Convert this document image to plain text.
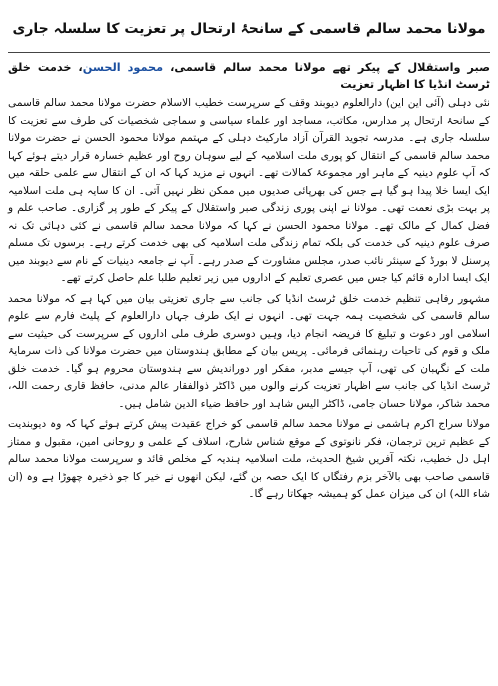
مولانا محمد سالم قاسمی کے سانحۂ ارتحال پر تعزیت کا سلسلہ جاری
صبر واستقلال کے پیکر تھے مولانا محمد سالم قاسمی، محمود الحسن، خدمت خلق ٹرسٹ انڈیا کا اظہار تعزیت

نئی دہلی (آئی این این) دارالعلوم دیوبند وقف کے سرپرست خطیب الاسلام حضرت مولانا محمد سالم قاسمی کے سانحۂ ارتحال پر مدارس، مکاتب، مساجد اور علماء سیاسی و سماجی شخصیات کی طرف سے تعزیت کا سلسلہ جاری ہے۔ مدرسہ تجوید القرآن آزاد مارکیٹ دہلی کے مہتمم مولانا محمود الحسن نے حضرت مولانا محمد سالم قاسمی کے انتقال کو پوری ملت اسلامیہ کے لیے سوہان روح اور عظیم خسارہ قرار دیتے ہوئے کہا کہ آپ علوم دینیہ کے ماہر اور مجموعۂ کمالات تھے۔ انہوں نے مزید کہا کہ ان کے انتقال سے علمی حلقہ میں ایک ایسا خلا پیدا ہو گیا ہے جس کی بھرپائی صدیوں میں ممکن نظر نہیں آتی۔ ان کا سایہ ہی ملت اسلامیہ پر بہت بڑی نعمت تھی۔ مولانا نے اپنی پوری زندگی صبر واستقلال کے پیکر کے طور پر گزاری۔ صاحب علم و فضل کمال کے مالک تھے۔ مولانا محمود الحسن نے کہا کہ مولانا محمد سالم قاسمی نے کئی دہائی تک نہ صرف علوم دینیہ کی خدمت کی بلکہ تمام زندگی ملت اسلامیہ کی بھی خدمت کرتے رہے۔ برسوں تک مسلم پرسنل لا بورڈ کے سینئر نائب صدر، مجلس مشاورت کے صدر رہے۔ آپ نے جامعہ دینیات کے نام سے دیوبند میں ایک ایسا ادارہ قائم کیا جس میں عصری تعلیم کے اداروں میں زیر تعلیم طلبا علم حاصل کرتے تھے۔

مشہور رفاہی تنظیم خدمت خلق ٹرسٹ انڈیا کی جانب سے جاری تعزیتی بیان میں کہا ہے کہ مولانا محمد سالم قاسمی کی شخصیت ہمہ جہت تھی۔ انہوں نے ایک طرف جہاں دارالعلوم کے پلیٹ فارم سے علوم اسلامی اور دعوت و تبلیغ کا فریضہ انجام دیا، وہیں دوسری طرف ملی اداروں کے سرپرست کی حیثیت سے ملک و قوم کی تاحیات رہنمائی فرمائی۔ پریس بیان کے مطابق ہندوستان میں حضرت مولانا کی ذات سرمایۂ ملت کے نگہبان کی تھی، آپ جیسے مدبر، مفکر اور دوراندیش سے ہندوستان محروم ہو گیا۔ خدمت خلق ٹرسٹ انڈیا کی جانب سے اظہار تعزیت کرنے والوں میں ڈاکٹر ذوالفقار عالم مدنی، حافظ قاری رحمت اللہ، محمد شاکر، مولانا حسان جامی، ڈاکٹر الیس شاہد اور حافظ ضیاء الدین شامل ہیں۔

مولانا سراج اکرم ہاشمی نے مولانا محمد سالم قاسمی کو خراج عقیدت پیش کرتے ہوئے کہا کہ وہ دیوبندیت کے عظیم ترین ترجمان، فکر نانوتوی کے موقع شناس شارح، اسلاف کے علمی و روحانی امین، مقبول و ممتاز اہل دل خطیب، نکتہ آفریں شیخ الحدیث، ملت اسلامیہ ہندیہ کے مخلص قائد و سرپرست مولانا محمد سالم قاسمی صاحب بھی بالآخر بزم رفتگاں کا ایک حصہ بن گئے، لیکن انھوں نے خیر کا جو ذخیرہ چھوڑا ہے وہ (ان شاء اللہ) ان کی میزان عمل کو ہمیشہ جھکاتا رہے گا۔
